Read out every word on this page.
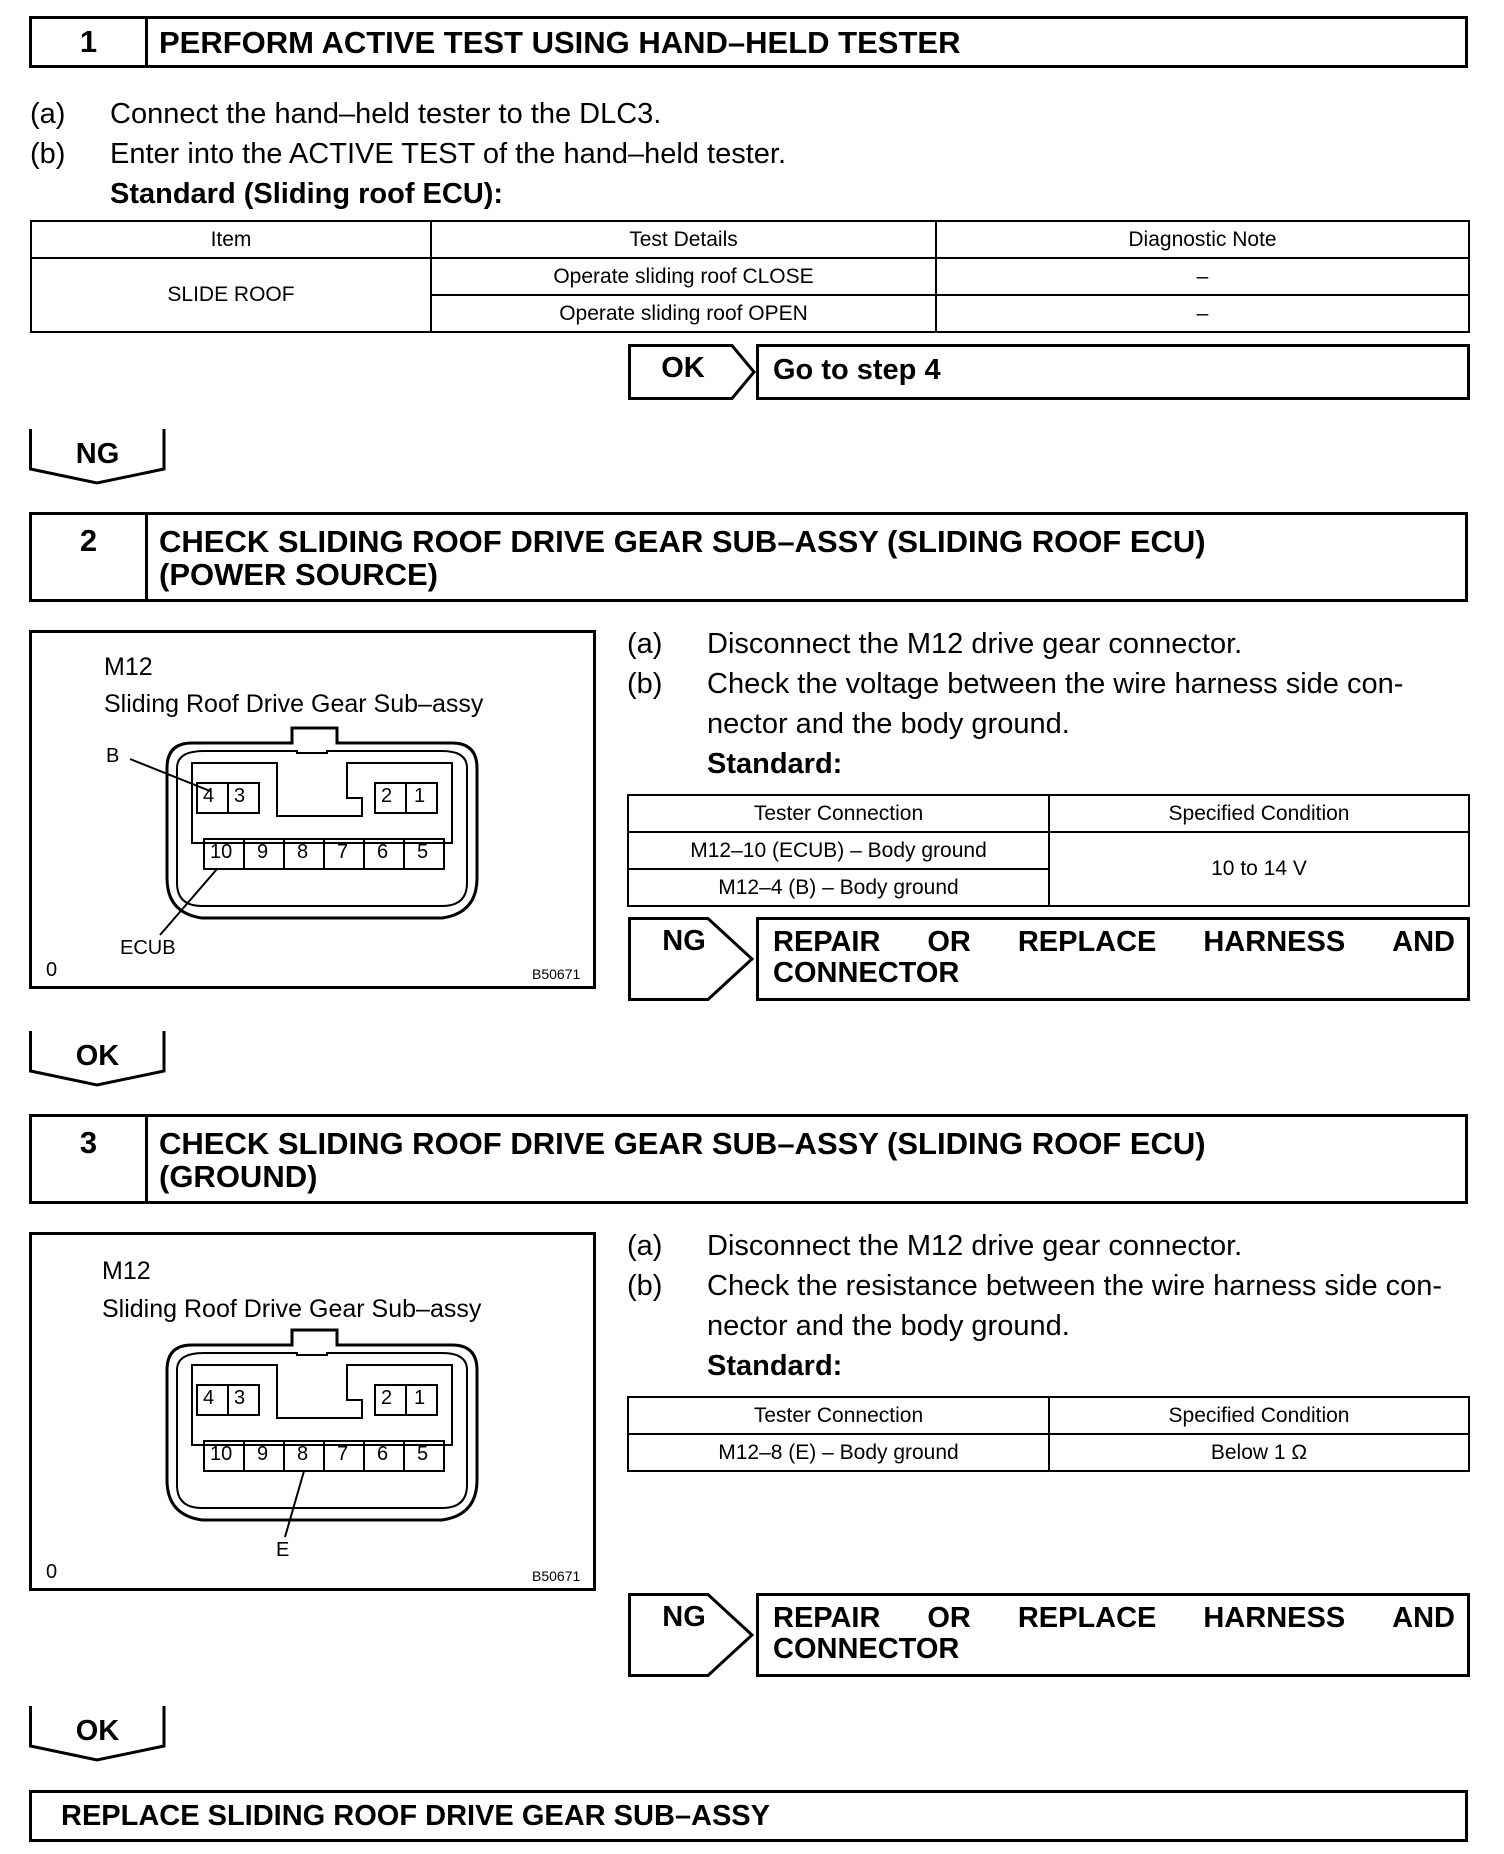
1	PERFORM ACTIVE TEST USING HAND–HELD TESTER
(a) Connect the hand–held tester to the DLC3.
(b) Enter into the ACTIVE TEST of the hand–held tester.
Standard (Sliding roof ECU):
Item	Test Details	Diagnostic Note
SLIDE ROOF	Operate sliding roof CLOSE	–
	Operate sliding roof OPEN	–
OK	Go to step 4
NG
2	CHECK SLIDING ROOF DRIVE GEAR SUB–ASSY (SLIDING ROOF ECU)
(POWER SOURCE)
M12
Sliding Roof Drive Gear Sub–assy
4 3	2 1
10 9 8 7 6 5
B
ECUB
0	B50671
(a) Disconnect the M12 drive gear connector.
(b) Check the voltage between the wire harness side con-
nector and the body ground.
Standard:
Tester Connection	Specified Condition
M12–10 (ECUB) – Body ground	10 to 14 V
M12–4 (B) – Body ground	
NG	REPAIR OR REPLACE HARNESS AND
CONNECTOR
OK
3	CHECK SLIDING ROOF DRIVE GEAR SUB–ASSY (SLIDING ROOF ECU)
(GROUND)
M12
Sliding Roof Drive Gear Sub–assy
4 3	2 1
10 9 8 7 6 5
E
0	B50671
(a) Disconnect the M12 drive gear connector.
(b) Check the resistance between the wire harness side con-
nector and the body ground.
Standard:
Tester Connection	Specified Condition
M12–8 (E) – Body ground	Below 1 Ω
NG	REPAIR OR REPLACE HARNESS AND
CONNECTOR
OK
REPLACE SLIDING ROOF DRIVE GEAR SUB–ASSY
